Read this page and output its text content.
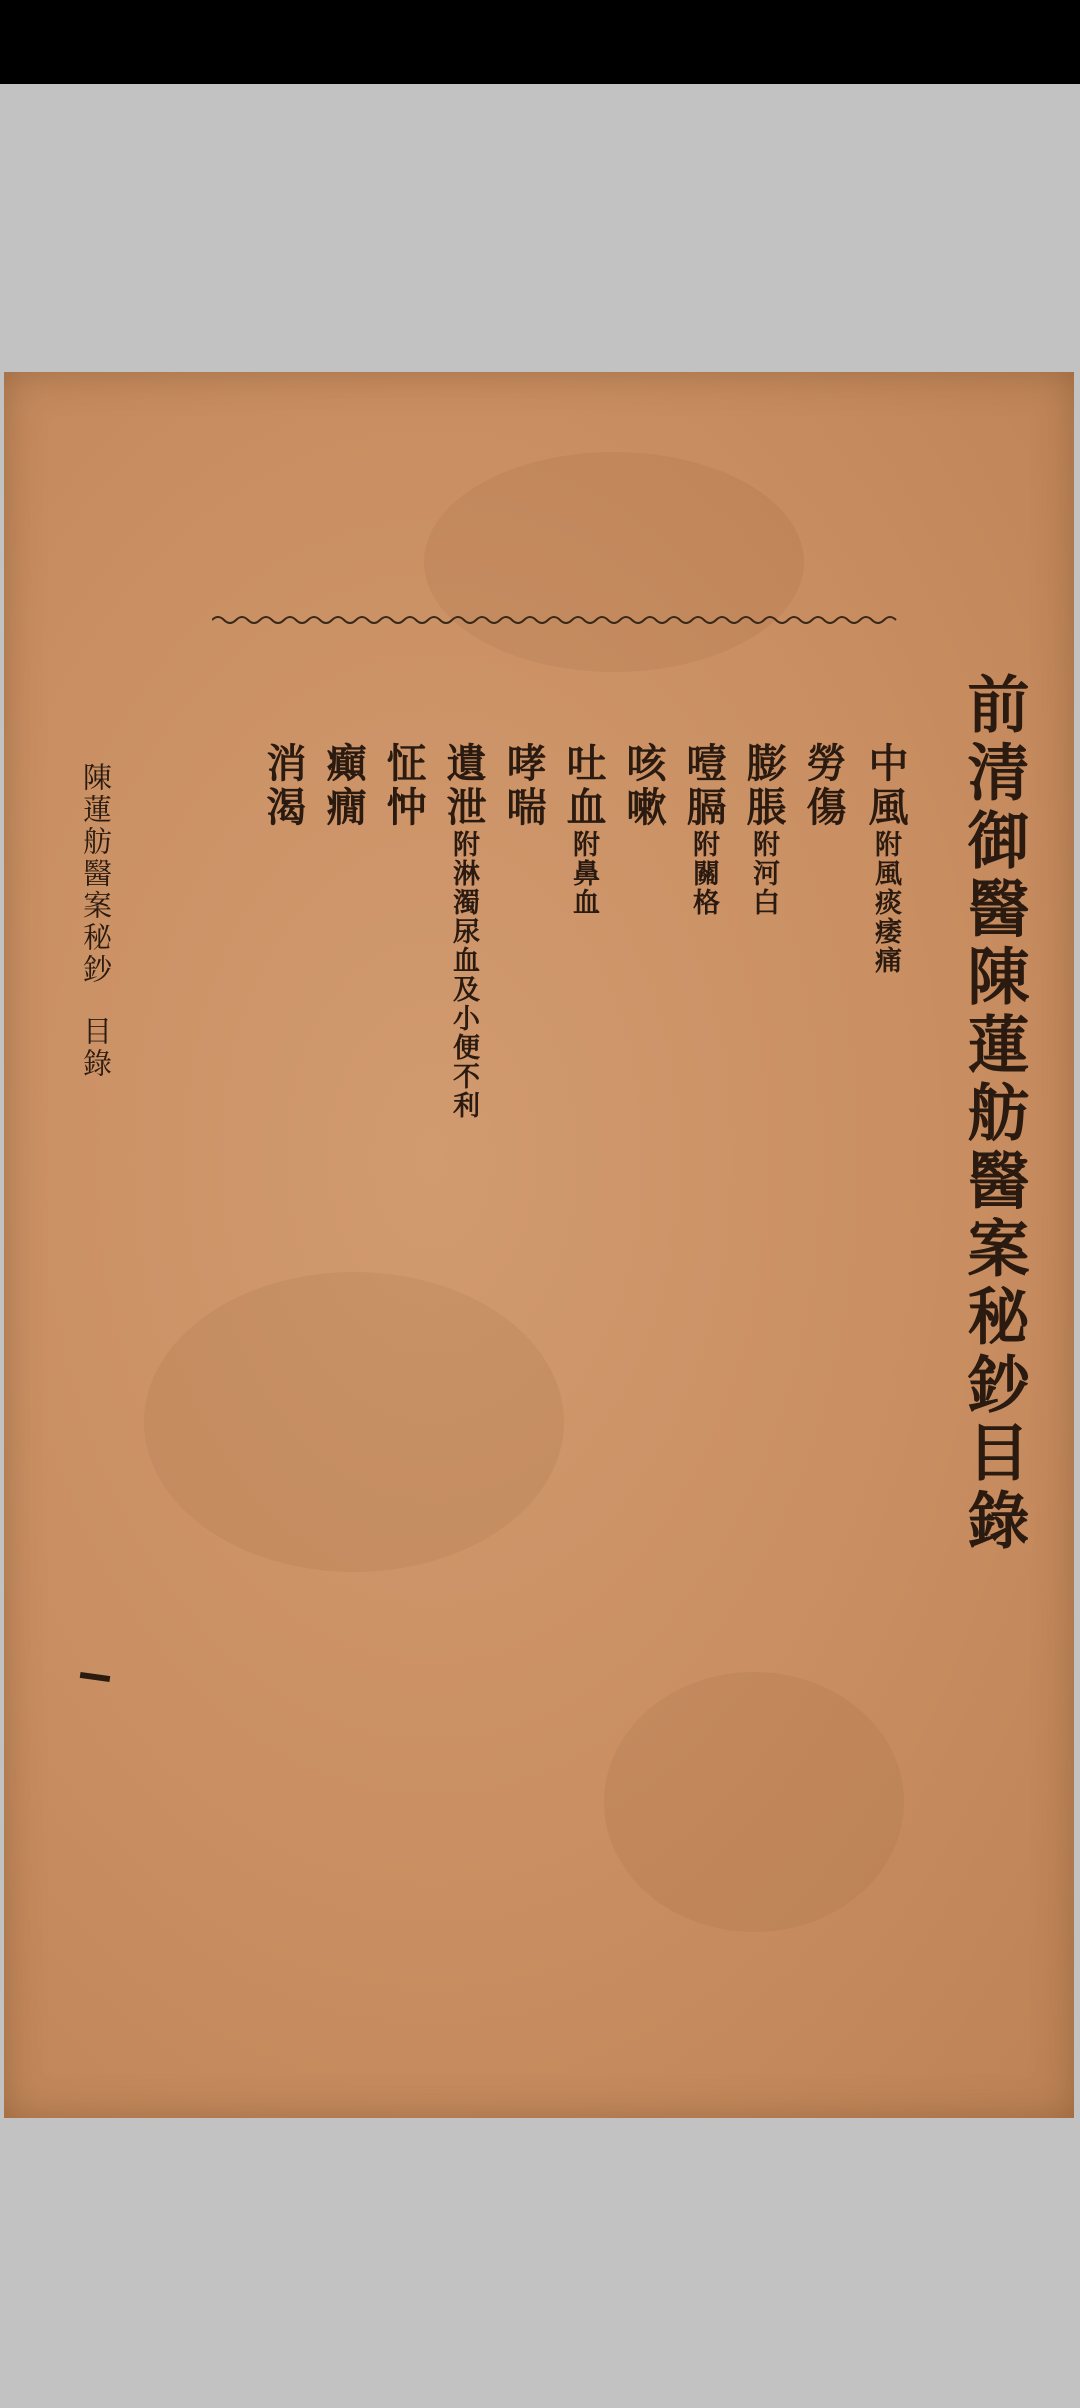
前清御醫陳蓮舫醫案秘鈔目錄
中風附風痰痿痛
勞傷
膨脹附河白
噎膈附關格
咳嗽
吐血附鼻血
哮喘
遺泄附淋濁尿血及小便不利
怔忡
癲癇
消渴
陳蓮舫醫案秘鈔目錄
